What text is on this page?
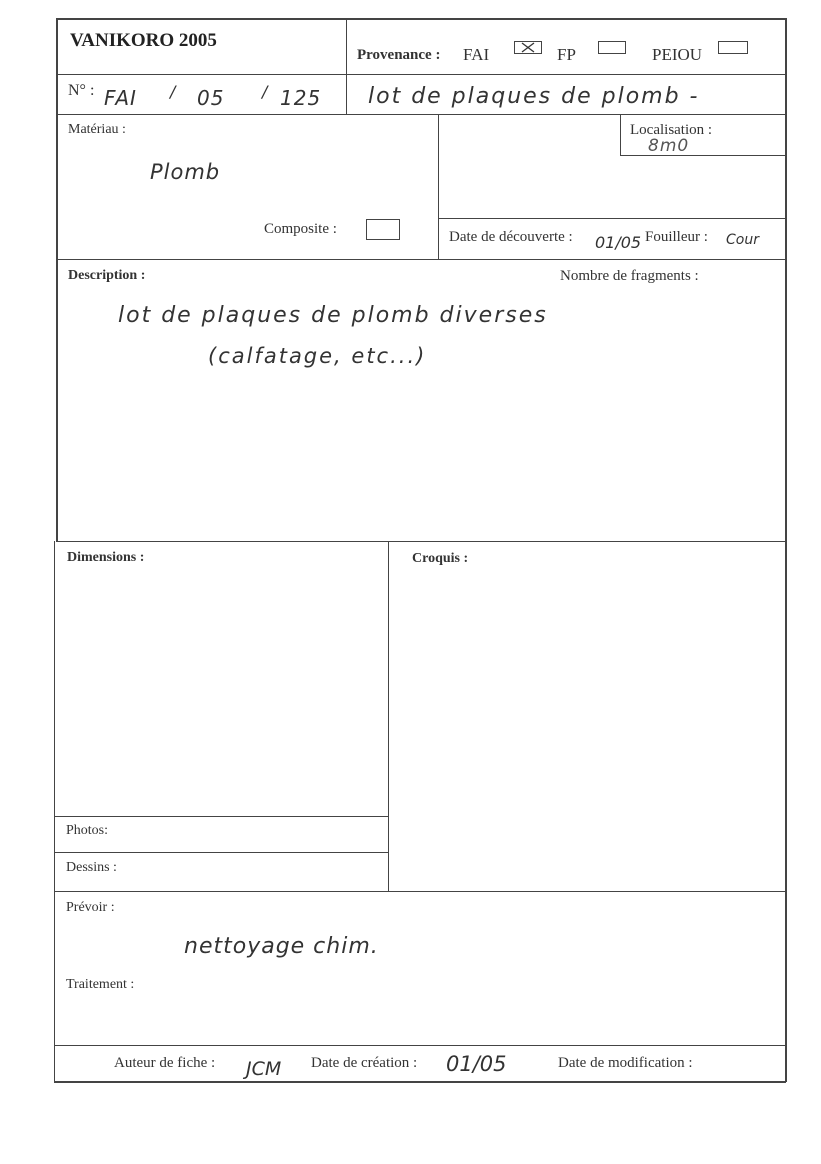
VANIKORO 2005
Provenance : FAI	FP	PEIOU
N° : FAI / 05 / 125 lot de plaques de plomb -
Matériau :
Plomb
Composite :
Localisation :
8m0
Date de découverte : 01/05 Fouilleur : Cour
Description :	Nombre de fragments :
lot de plaques de plomb diverses
(calfatage, etc...)
Dimensions :	Croquis :
Photos:
Dessins :
Prévoir :
nettoyage chim.
Traitement :
Auteur de fiche : JCM Date de création : 01/05	Date de modification :
